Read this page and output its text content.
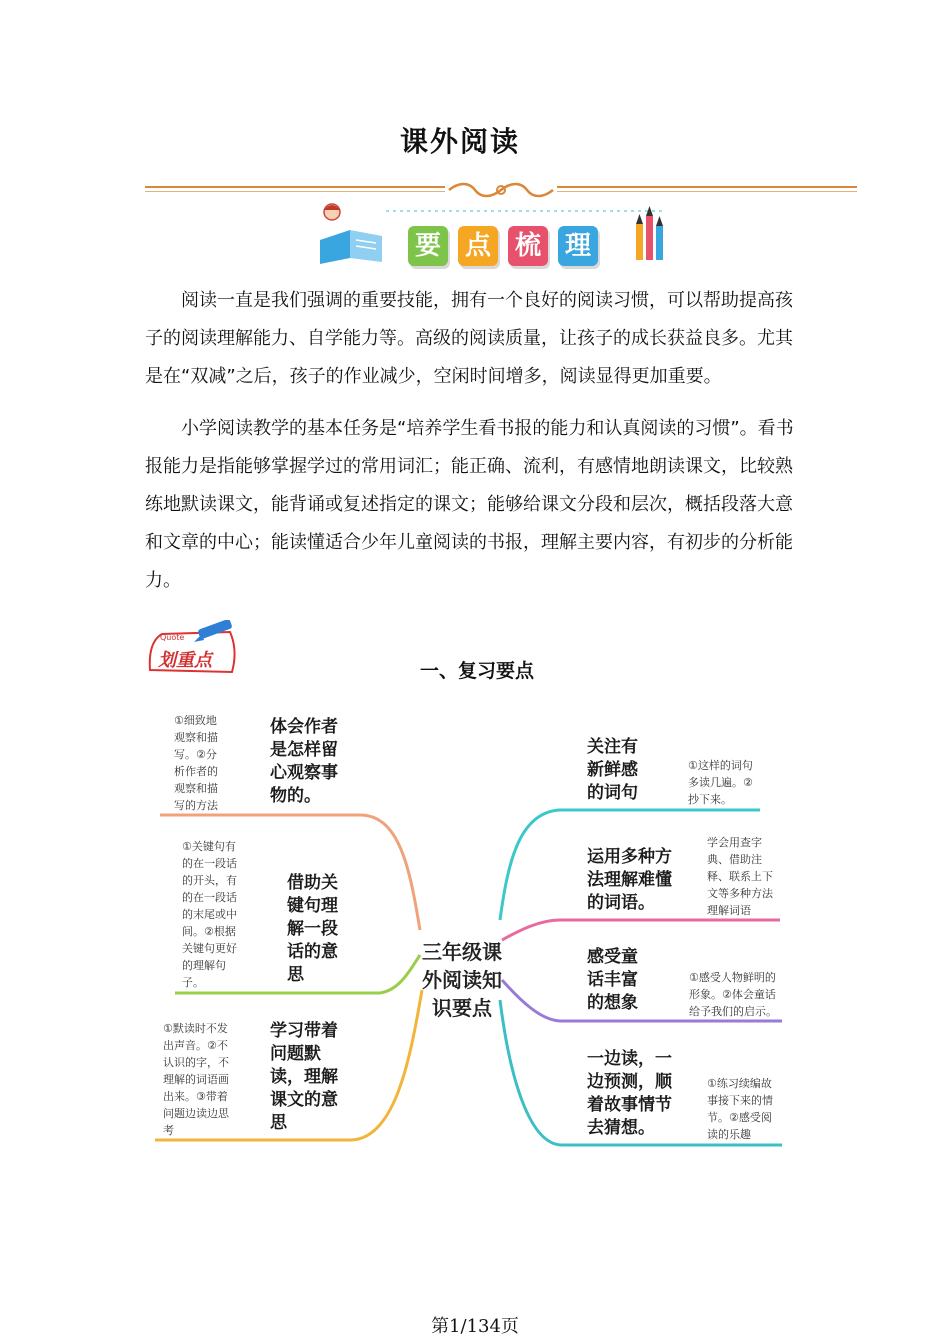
课外阅读
要 点 梳 理

阅读一直是我们强调的重要技能，拥有一个良好的阅读习惯，可以帮助提高孩子的阅读理解能力、自学能力等。高级的阅读质量，让孩子的成长获益良多。尤其是在“双减”之后，孩子的作业减少，空闲时间增多，阅读显得更加重要。

小学阅读教学的基本任务是“培养学生看书报的能力和认真阅读的习惯”。看书报能力是指能够掌握学过的常用词汇；能正确、流利，有感情地朗读课文，比较熟练地默读课文，能背诵或复述指定的课文；能够给课文分段和层次，概括段落大意和文章的中心；能读懂适合少年儿童阅读的书报，理解主要内容，有初步的分析能力。

Quote
划重点	一、复习要点
三年级课
外阅读知
识要点
①细致地
观察和描
写。②分
析作者的
观察和描
写的方法
体会作者
是怎样留
心观察事
物的。
①关键句有
的在一段话
的开头，有
的在一段话
的末尾或中
间。②根据
关键句更好
的理解句
子。
借助关
键句理
解一段
话的意
思
①默读时不发
出声音。②不
认识的字，不
理解的词语画
出来。③带着
问题边读边思
考
学习带着
问题默
读，理解
课文的意
思
关注有
新鲜感
的词句
①这样的词句
多读几遍。②
抄下来。
运用多种方
法理解难懂
的词语。
学会用查字
典、借助注
释、联系上下
文等多种方法
理解词语
感受童
话丰富
的想象
①感受人物鲜明的
形象。②体会童话
给予我们的启示。
一边读，一
边预测，顺
着故事情节
去猜想。
①练习续编故
事接下来的情
节。②感受阅
读的乐趣
第1/134页
